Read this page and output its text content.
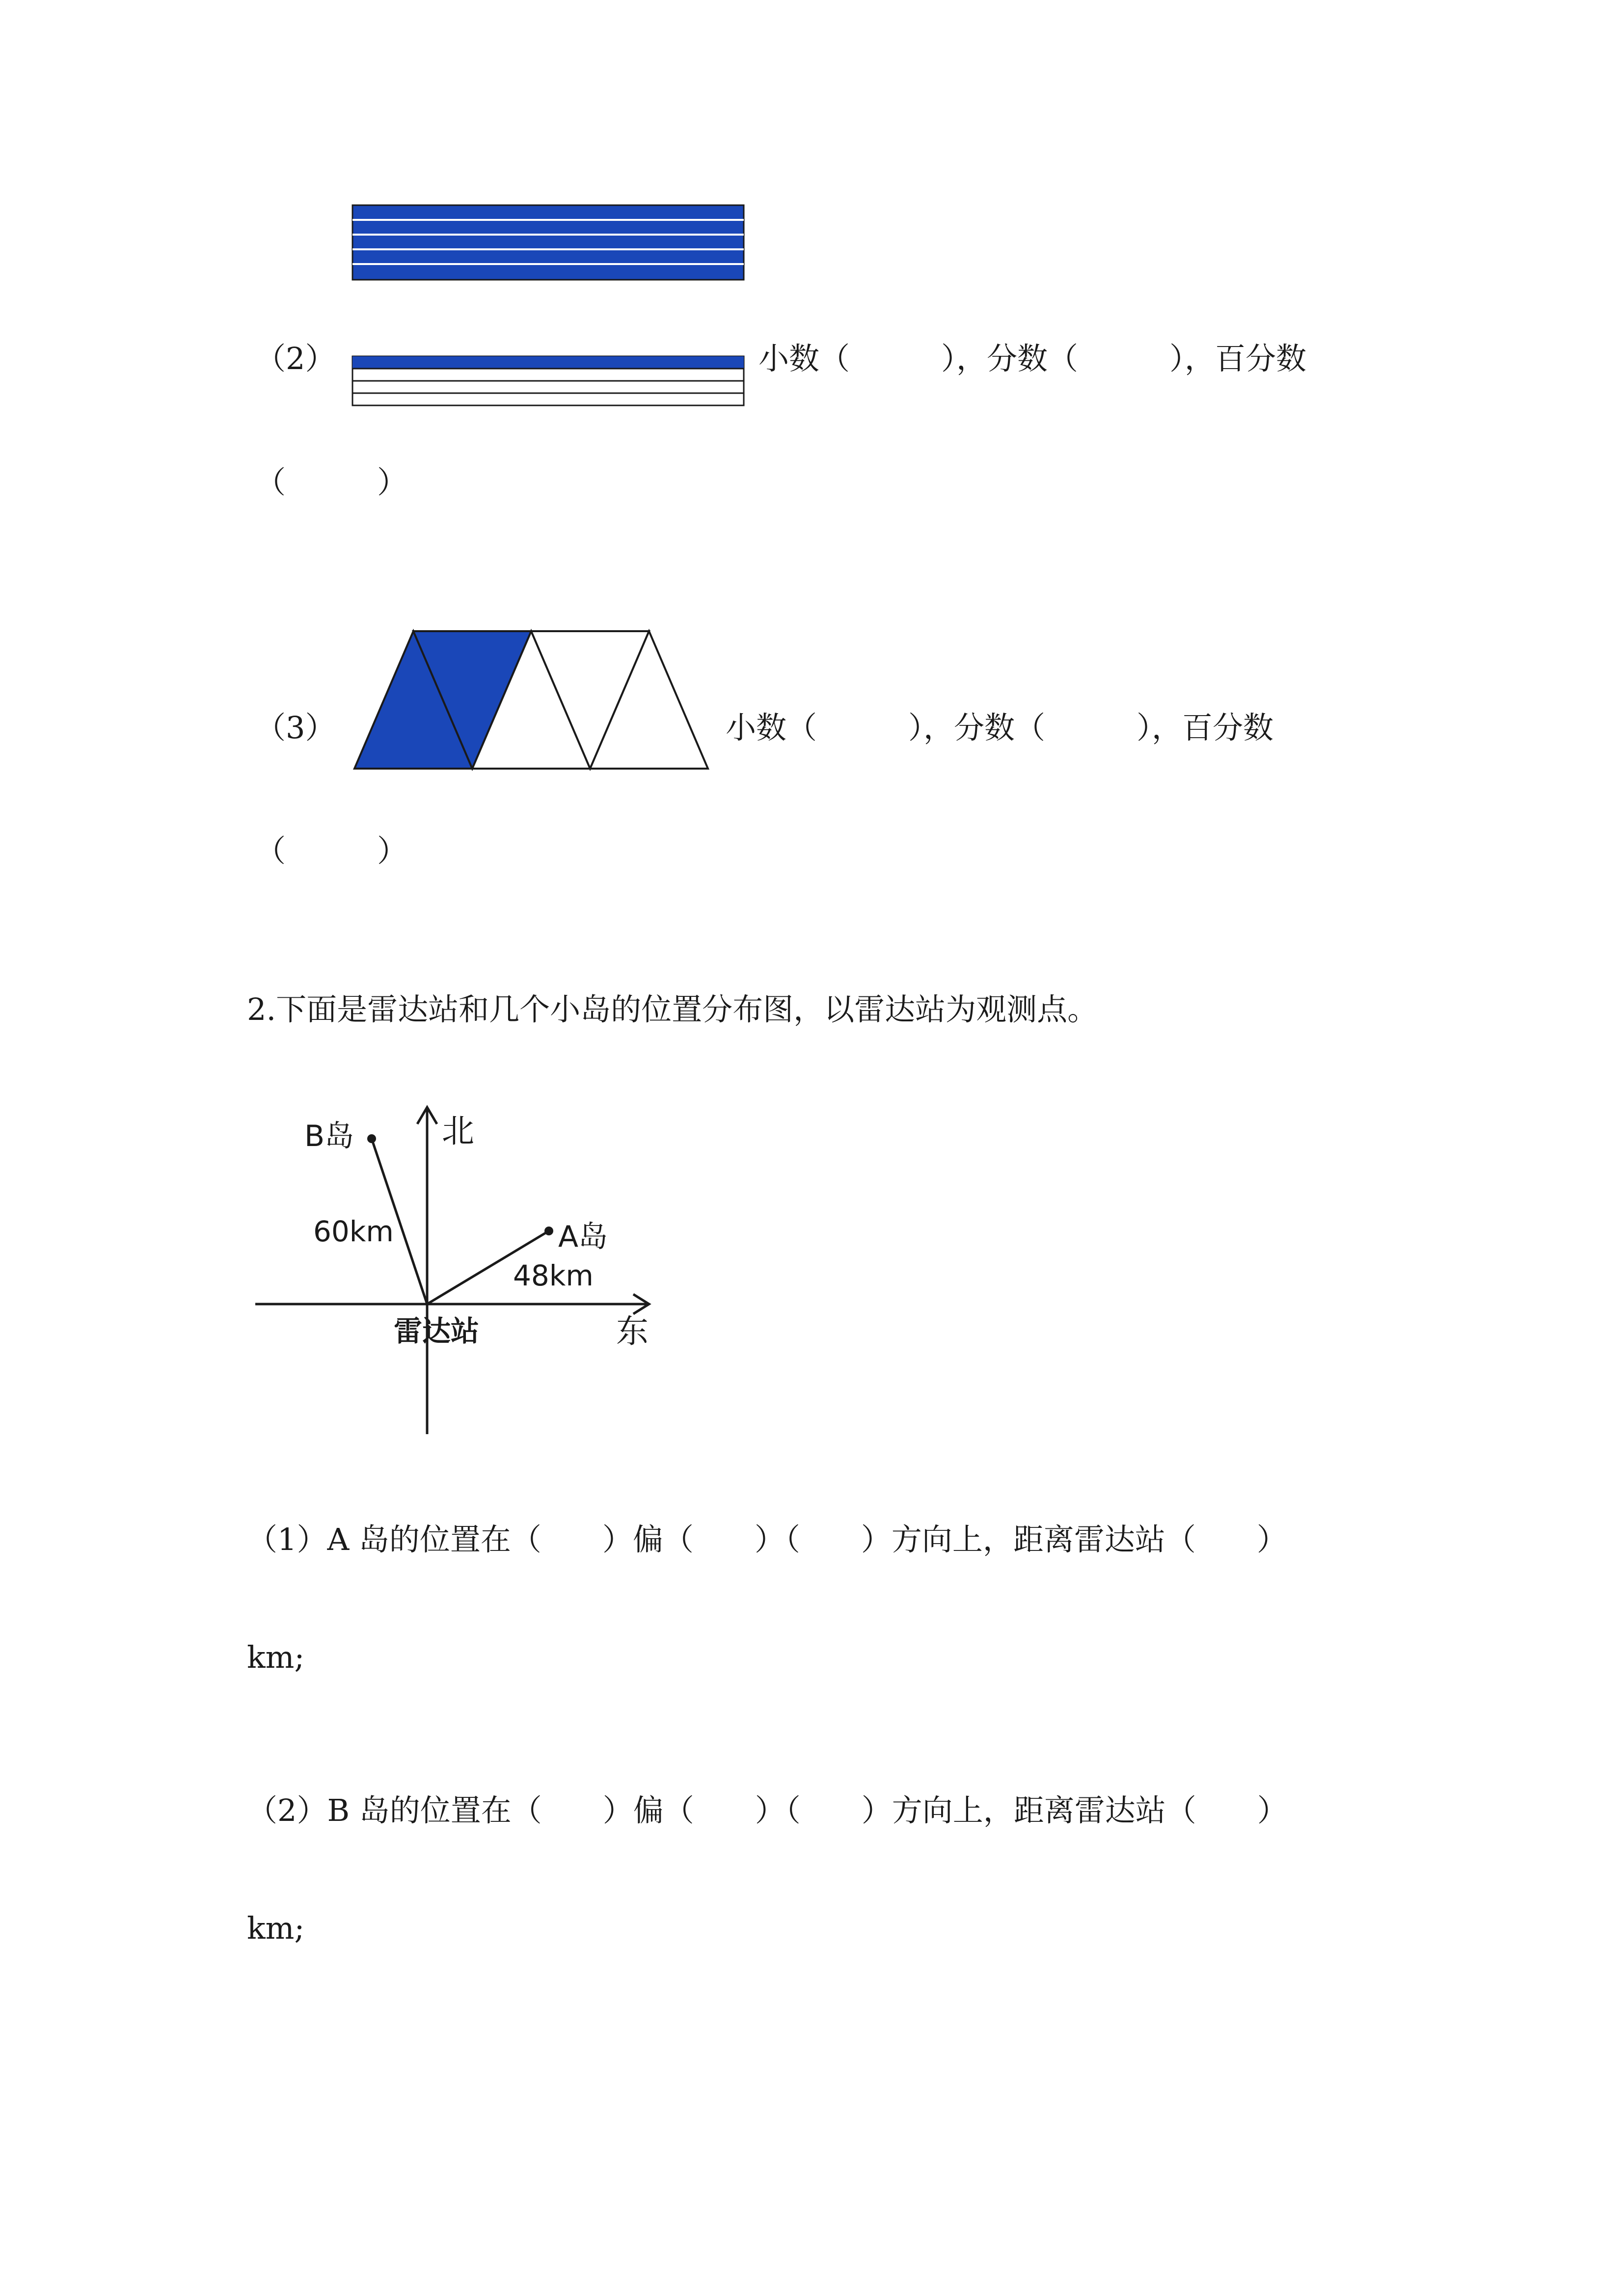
（2）	小数（　　　），分数（　　　），百分数
（　　　）
（3）	小数（　　　），分数（　　　），百分数
（　　　）
2.下面是雷达站和几个小岛的位置分布图，以雷达站为观测点。
北
东
雷达站
B岛
60km	A岛
48km
（1）A 岛的位置在（　　）偏（　　）（　　）方向上，距离雷达站（　　）
km;
（2）B 岛的位置在（　　）偏（　　）（　　）方向上，距离雷达站（　　）
km;
